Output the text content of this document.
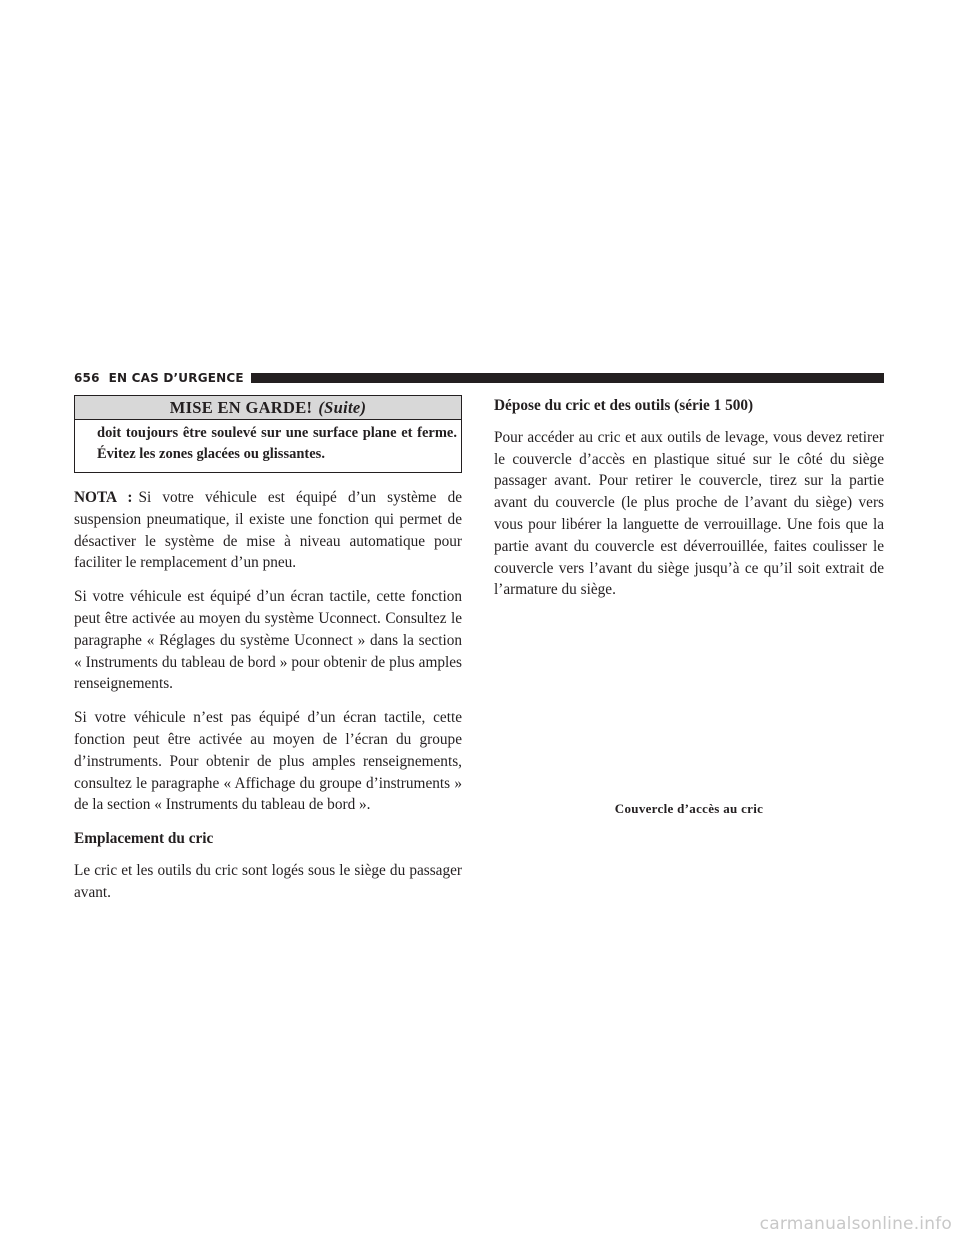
656 EN CAS D’URGENCE
MISE EN GARDE! (Suite)
doit toujours être soulevé sur une surface plane et ferme. Évitez les zones glacées ou glissantes.

NOTA : Si votre véhicule est équipé d’un système de suspension pneumatique, il existe une fonction qui permet de désactiver le système de mise à niveau automatique pour faciliter le remplacement d’un pneu.

Si votre véhicule est équipé d’un écran tactile, cette fonction peut être activée au moyen du système Uconnect. Consultez le paragraphe « Réglages du système Uconnect » dans la section « Instruments du tableau de bord » pour obtenir de plus amples renseignements.

Si votre véhicule n’est pas équipé d’un écran tactile, cette fonction peut être activée au moyen de l’écran du groupe d’instruments. Pour obtenir de plus amples renseignements, consultez le paragraphe « Affichage du groupe d’instruments » de la section « Instruments du tableau de bord ».

Emplacement du cric

Le cric et les outils du cric sont logés sous le siège du passager avant.

Dépose du cric et des outils (série 1 500)

Pour accéder au cric et aux outils de levage, vous devez retirer le couvercle d’accès en plastique situé sur le côté du siège passager avant. Pour retirer le couvercle, tirez sur la partie avant du couvercle (le plus proche de l’avant du siège) vers vous pour libérer la languette de verrouillage. Une fois que la partie avant du couvercle est déverrouillée, faites coulisser le couvercle vers l’avant du siège jusqu’à ce qu’il soit extrait de l’armature du siège.

Couvercle d’accès au cric
carmanualsonline.info
